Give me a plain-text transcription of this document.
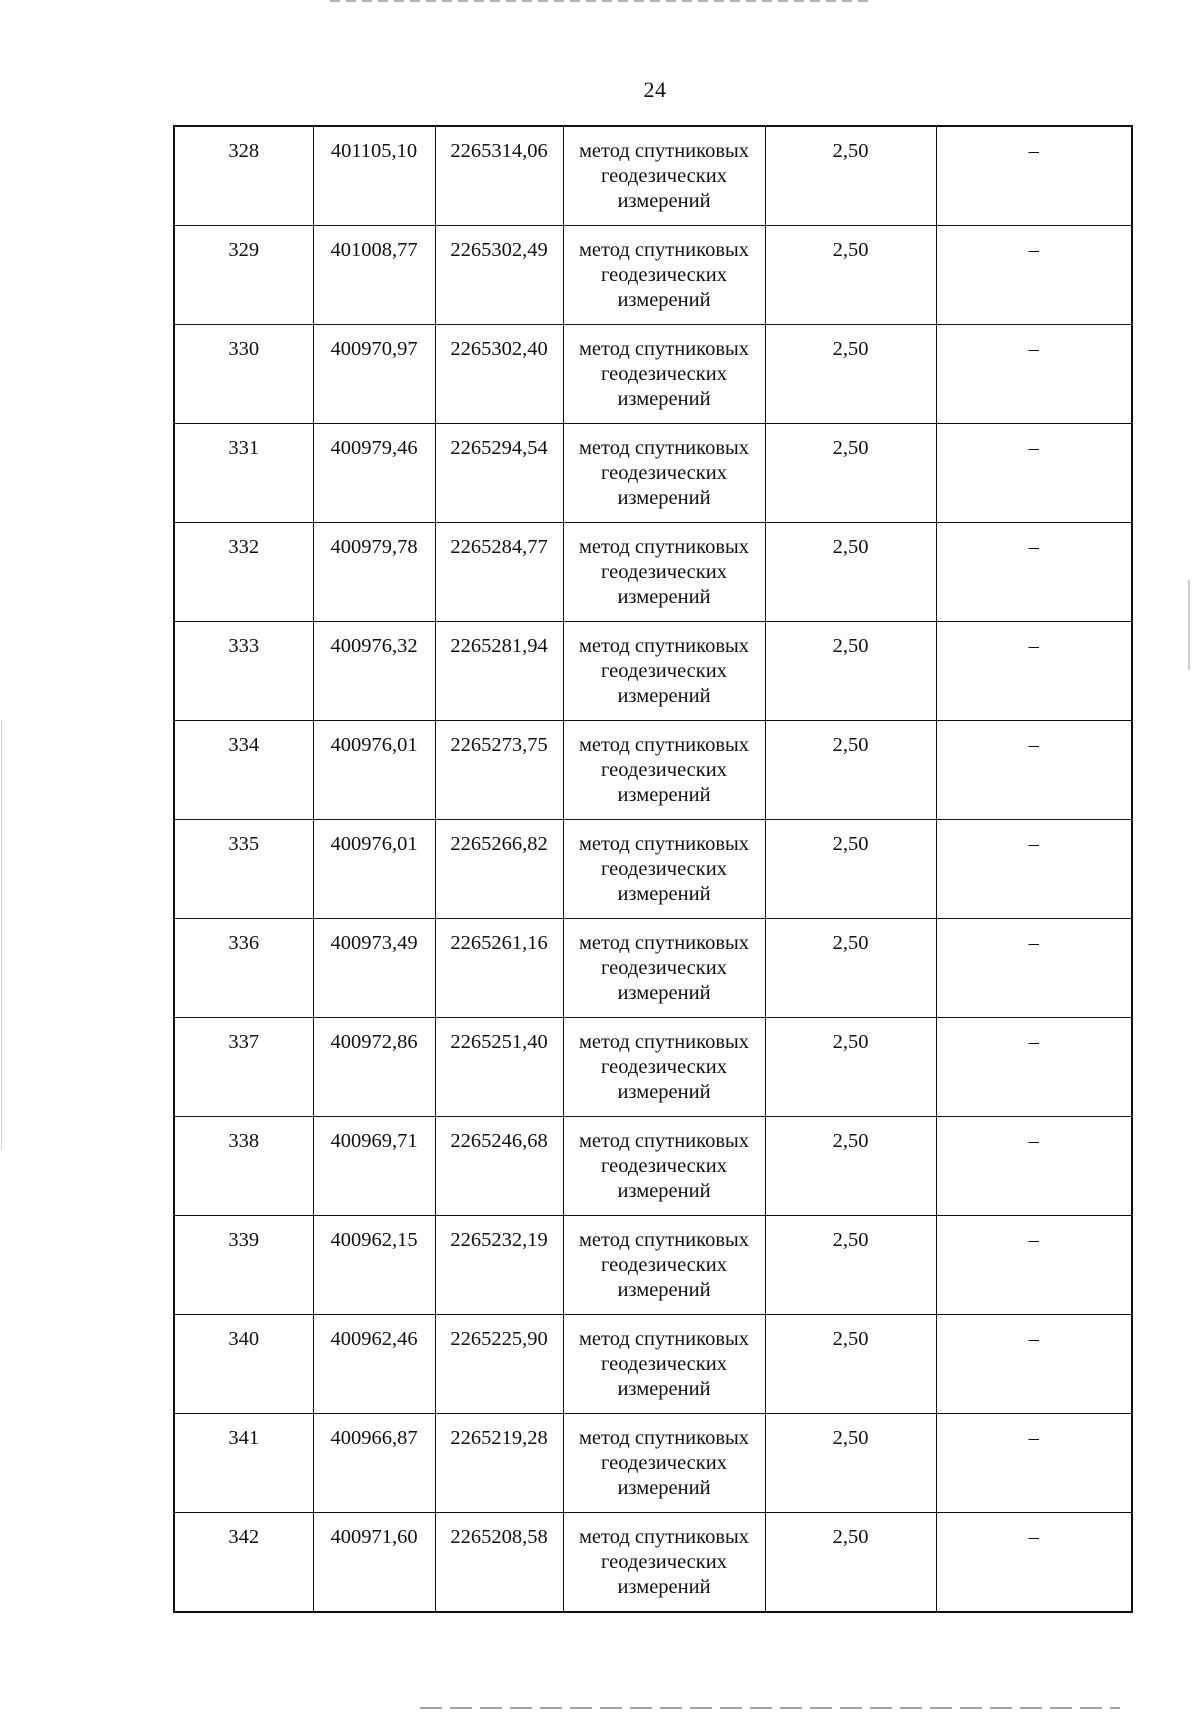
24
328	401105,10	2265314,06	метод спутниковых геодезических измерений	2,50	–
329	401008,77	2265302,49	метод спутниковых геодезических измерений	2,50	–
330	400970,97	2265302,40	метод спутниковых геодезических измерений	2,50	–
331	400979,46	2265294,54	метод спутниковых геодезических измерений	2,50	–
332	400979,78	2265284,77	метод спутниковых геодезических измерений	2,50	–
333	400976,32	2265281,94	метод спутниковых геодезических измерений	2,50	–
334	400976,01	2265273,75	метод спутниковых геодезических измерений	2,50	–
335	400976,01	2265266,82	метод спутниковых геодезических измерений	2,50	–
336	400973,49	2265261,16	метод спутниковых геодезических измерений	2,50	–
337	400972,86	2265251,40	метод спутниковых геодезических измерений	2,50	–
338	400969,71	2265246,68	метод спутниковых геодезических измерений	2,50	–
339	400962,15	2265232,19	метод спутниковых геодезических измерений	2,50	–
340	400962,46	2265225,90	метод спутниковых геодезических измерений	2,50	–
341	400966,87	2265219,28	метод спутниковых геодезических измерений	2,50	–
342	400971,60	2265208,58	метод спутниковых геодезических измерений	2,50	–
